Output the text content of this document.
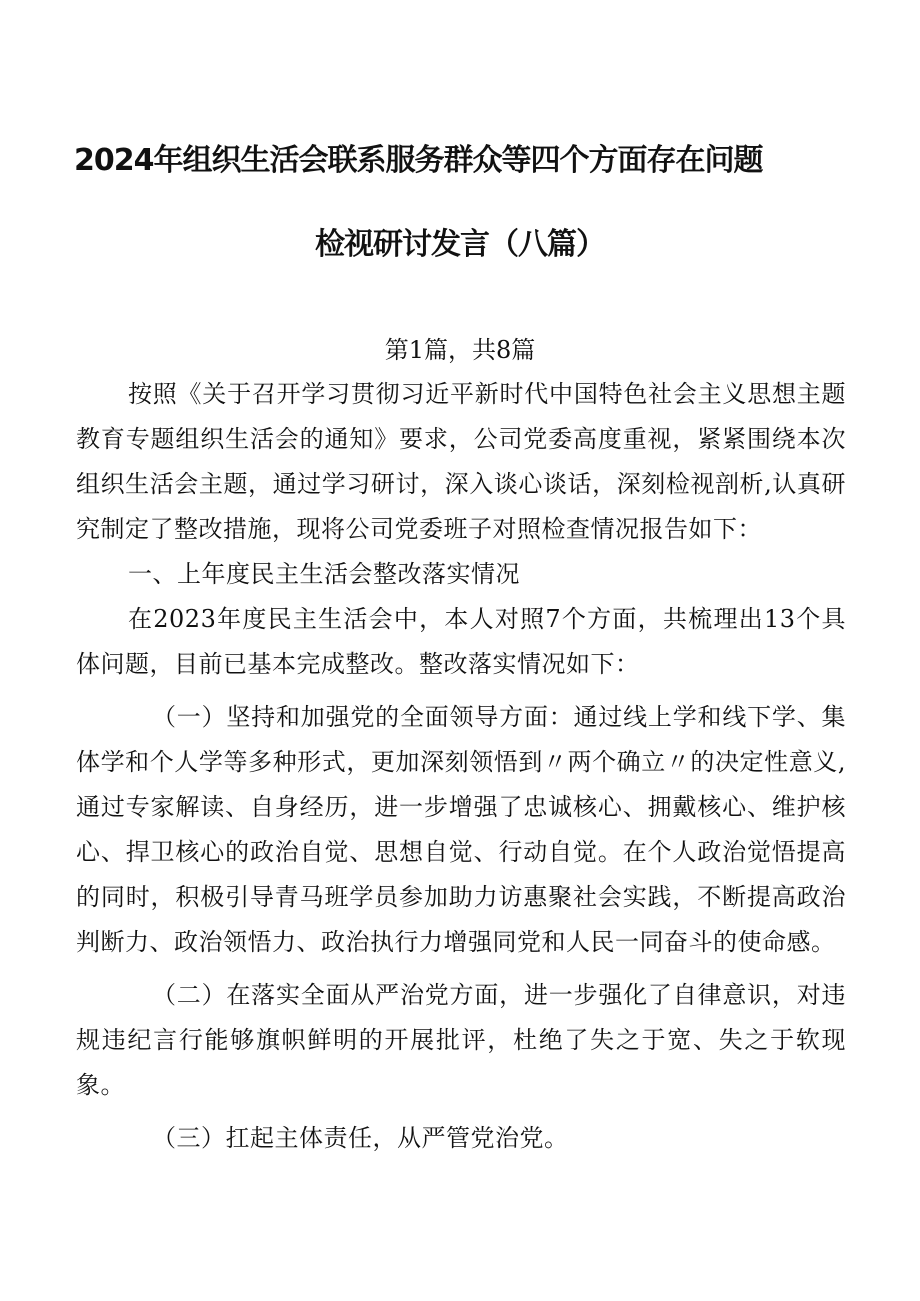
2024年组织生活会联系服务群众等四个方面存在问题
检视研讨发言（八篇）
第1篇，共8篇

按照《关于召开学习贯彻习近平新时代中国特色社会主义思想主题教育专题组织生活会的通知》要求，公司党委高度重视，紧紧围绕本次组织生活会主题，通过学习研讨，深入谈心谈话，深刻检视剖析,认真研究制定了整改措施，现将公司党委班子对照检查情况报告如下：

一、上年度民主生活会整改落实情况

在2023年度民主生活会中，本人对照7个方面，共梳理出13个具体问题，目前已基本完成整改。整改落实情况如下：

（一）坚持和加强党的全面领导方面：通过线上学和线下学、集体学和个人学等多种形式，更加深刻领悟到〃两个确立〃的决定性意义,通过专家解读、自身经历，进一步增强了忠诚核心、拥戴核心、维护核心、捍卫核心的政治自觉、思想自觉、行动自觉。在个人政治觉悟提高的同时，积极引导青马班学员参加助力访惠聚社会实践，不断提高政治判断力、政治领悟力、政治执行力增强同党和人民一同奋斗的使命感。

（二）在落实全面从严治党方面，进一步强化了自律意识，对违规违纪言行能够旗帜鲜明的开展批评，杜绝了失之于宽、失之于软现象。

（三）扛起主体责任，从严管党治党。
